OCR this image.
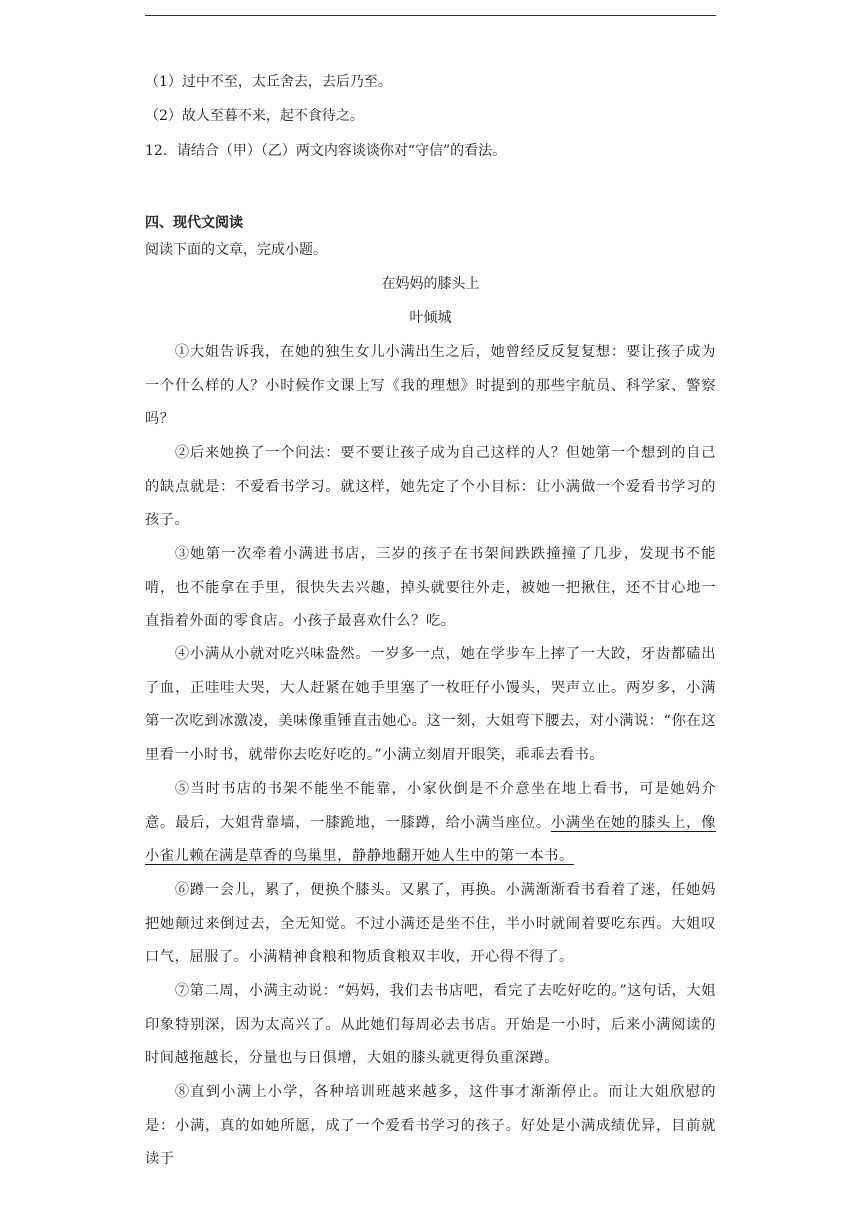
（1）过中不至，太丘舍去，去后乃至。
（2）故人至暮不来，起不食待之。
12．请结合（甲）（乙）两文内容谈谈你对“守信”的看法。
四、现代文阅读
阅读下面的文章，完成小题。
在妈妈的膝头上
叶倾城
①大姐告诉我，在她的独生女儿小满出生之后，她曾经反反复复想：要让孩子成为一个什么样的人？小时候作文课上写《我的理想》时提到的那些宇航员、科学家、警察吗？
②后来她换了一个问法：要不要让孩子成为自己这样的人？但她第一个想到的自己的缺点就是：不爱看书学习。就这样，她先定了个小目标：让小满做一个爱看书学习的孩子。
③她第一次牵着小满进书店，三岁的孩子在书架间跌跌撞撞了几步，发现书不能啃，也不能拿在手里，很快失去兴趣，掉头就要往外走，被她一把揪住，还不甘心地一直指着外面的零食店。小孩子最喜欢什么？吃。
④小满从小就对吃兴味盎然。一岁多一点，她在学步车上摔了一大跤，牙齿都磕出了血，正哇哇大哭，大人赶紧在她手里塞了一枚旺仔小馒头，哭声立止。两岁多，小满第一次吃到冰激凌，美味像重锤直击她心。这一刻，大姐弯下腰去，对小满说：“你在这里看一小时书，就带你去吃好吃的。”小满立刻眉开眼笑，乖乖去看书。
⑤当时书店的书架不能坐不能靠，小家伙倒是不介意坐在地上看书，可是她妈介意。最后，大姐背靠墙，一膝跪地，一膝蹲，给小满当座位。小满坐在她的膝头上，像小雀儿赖在满是草香的鸟巢里，静静地翻开她人生中的第一本书。
⑥蹲一会儿，累了，便换个膝头。又累了，再换。小满渐渐看书看着了迷，任她妈把她颠过来倒过去，全无知觉。不过小满还是坐不住，半小时就闹着要吃东西。大姐叹口气，屈服了。小满精神食粮和物质食粮双丰收，开心得不得了。
⑦第二周，小满主动说：“妈妈，我们去书店吧，看完了去吃好吃的。”这句话，大姐印象特别深，因为太高兴了。从此她们每周必去书店。开始是一小时，后来小满阅读的时间越拖越长，分量也与日俱增，大姐的膝头就更得负重深蹲。
⑧直到小满上小学，各种培训班越来越多，这件事才渐渐停止。而让大姐欣慰的是：小满，真的如她所愿，成了一个爱看书学习的孩子。好处是小满成绩优异，目前就读于
